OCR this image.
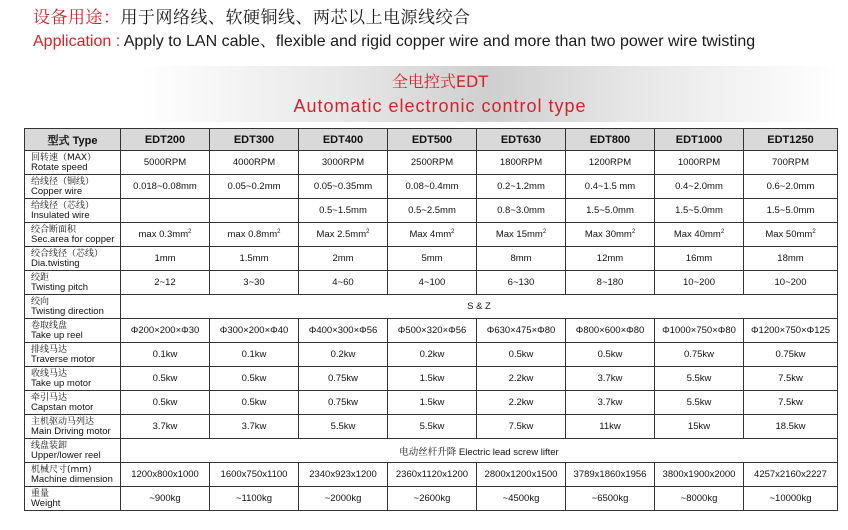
设备用途：用于网络线、软硬铜线、两芯以上电源线绞合
Application : Apply to LAN cable、flexible and rigid copper wire and more than two power wire twisting
全电控式EDT
Automatic electronic control type
型式 Type	EDT200	EDT300	EDT400	EDT500	EDT630	EDT800	EDT1000	EDT1250

回转速（MAX）
Rotate speed	5000RPM	4000RPM	3000RPM	2500RPM	1800RPM	1200RPM	1000RPM	700RPM

给线径（铜线）
Copper wire	0.018~0.08mm	0.05~0.2mm	0.05~0.35mm	0.08~0.4mm	0.2~1.2mm	0.4~1.5 mm	0.4~2.0mm	0.6~2.0mm

给线径（芯线）
Insulated wire			0.5~1.5mm	0.5~2.5mm	0.8~3.0mm	1.5~5.0mm	1.5~5.0mm	1.5~5.0mm

绞合断面积
Sec.area for copper	$\max 0.3mm^2$	$\max 0.8mm^2$	Max $2.5mm^2$	Max $4mm^2$	Max $15mm^2$	Max $30mm^2$	Max $40mm^2$	Max $50mm^2$

绞合线径（芯线）
Dia.twisting	1mm	1.5mm	2mm	5mm	8mm	12mm	16mm	18mm

绞距
Twisting pitch	2~12	3~30	4~60	4~100	6~130	8~180	10~200	10~200

绞向
Twisting direction	S & Z							

卷取线盘
Take up reel	Φ200×200×Φ30	Φ300×200×Φ40	Φ400×300×Φ56	Φ500×320×Φ56	Φ630×475×Φ80	Φ800×600×Φ80	Φ1000×750×Φ80	Φ1200×750×Φ125

排线马达
Traverse motor	0.1kw	0.1kw	0.2kw	0.2kw	0.5kw	0.5kw	0.75kw	0.75kw

收线马达
Take up motor	0.5kw	0.5kw	0.75kw	1.5kw	2.2kw	3.7kw	5.5kw	7.5kw

牵引马达
Capstan motor	0.5kw	0.5kw	0.75kw	1.5kw	2.2kw	3.7kw	5.5kw	7.5kw

主机驱动马列达
Main Driving motor	3.7kw	3.7kw	5.5kw	5.5kw	7.5kw	11kw	15kw	18.5kw

线盘装卸
Upper/lower reel	电动丝杆升降 Electric lead screw lifter							

机械尺寸(mm)
Machine dimension	1200x800x1000	1600x750x1100	2340x923x1200	2360x1120x1200	2800x1200x1500	3789x1860x1956	3800x1900x2000	4257x2160x2227

重量
Weight	~900kg	~1100kg	~2000kg	~2600kg	~4500kg	~6500kg	~8000kg	~10000kg
